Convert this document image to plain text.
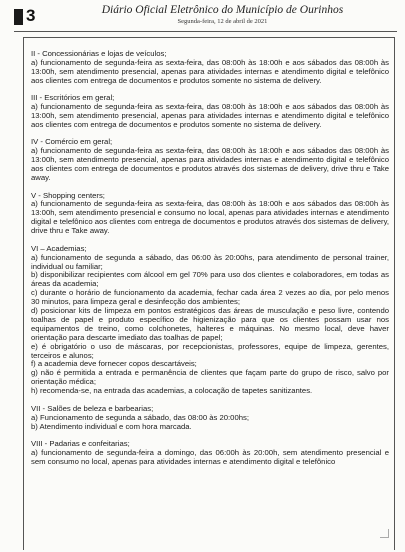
3	Diário Oficial Eletrônico do Município de Ourinhos
Segunda-feira, 12 de abril de 2021

II - Concessionárias e lojas de veículos;

a) funcionamento de segunda-feira as sexta-feira, das 08:00h às 18:00h e aos sábados das 08:00h às 13:00h, sem atendimento presencial, apenas para atividades internas e atendimento digital e telefônico aos clientes com entrega de documentos e produtos somente no sistema de delivery.

III - Escritórios em geral;

a) funcionamento de segunda-feira as sexta-feira, das 08:00h às 18:00h e aos sábados das 08:00h às 13:00h, sem atendimento presencial, apenas para atividades internas e atendimento digital e telefônico aos clientes com entrega de documentos e produtos somente no sistema de delivery.

IV - Comércio em geral;

a) funcionamento de segunda-feira as sexta-feira, das 08:00h às 18:00h e aos sábados das 08:00h às 13:00h, sem atendimento presencial, apenas para atividades internas e atendimento digital e telefônico aos clientes com entrega de documentos e produtos através dos sistemas de delivery, drive thru e Take away.

V - Shopping centers;

a) funcionamento de segunda-feira as sexta-feira, das 08:00h às 18:00h e aos sábados das 08:00h às 13:00h, sem atendimento presencial e consumo no local, apenas para atividades internas e atendimento digital e telefônico aos clientes com entrega de documentos e produtos através dos sistemas de delivery, drive thru e Take away.

VI – Academias;

a) funcionamento de segunda a sábado, das 06:00 às 20:00hs, para atendimento de personal trainer, individual ou familiar;

b) disponibilizar recipientes com álcool em gel 70% para uso dos clientes e colaboradores, em todas as áreas da academia;

c) durante o horário de funcionamento da academia, fechar cada área 2 vezes ao dia, por pelo menos 30 minutos, para limpeza geral e desinfecção dos ambientes;

d) posicionar kits de limpeza em pontos estratégicos das áreas de musculação e peso livre, contendo toalhas de papel e produto específico de higienização para que os clientes possam usar nos equipamentos de treino, como colchonetes, halteres e máquinas. No mesmo local, deve haver orientação para descarte imediato das toalhas de papel;

e) é obrigatório o uso de máscaras, por recepcionistas, professores, equipe de limpeza, gerentes, terceiros e alunos;

f) a academia deve fornecer copos descartáveis;

g) não é permitida a entrada e permanência de clientes que façam parte do grupo de risco, salvo por orientação médica;

h) recomenda-se, na entrada das academias, a colocação de tapetes sanitizantes.

VII - Salões de beleza e barbearias;

a) Funcionamento de segunda a sábado, das 08:00 às 20:00hs;

b) Atendimento individual e com hora marcada.

VIII - Padarias e confeitarias;

a) funcionamento de segunda-feira a domingo, das 06:00h às 20:00h, sem atendimento presencial e sem consumo no local, apenas para atividades internas e atendimento digital e telefônico
